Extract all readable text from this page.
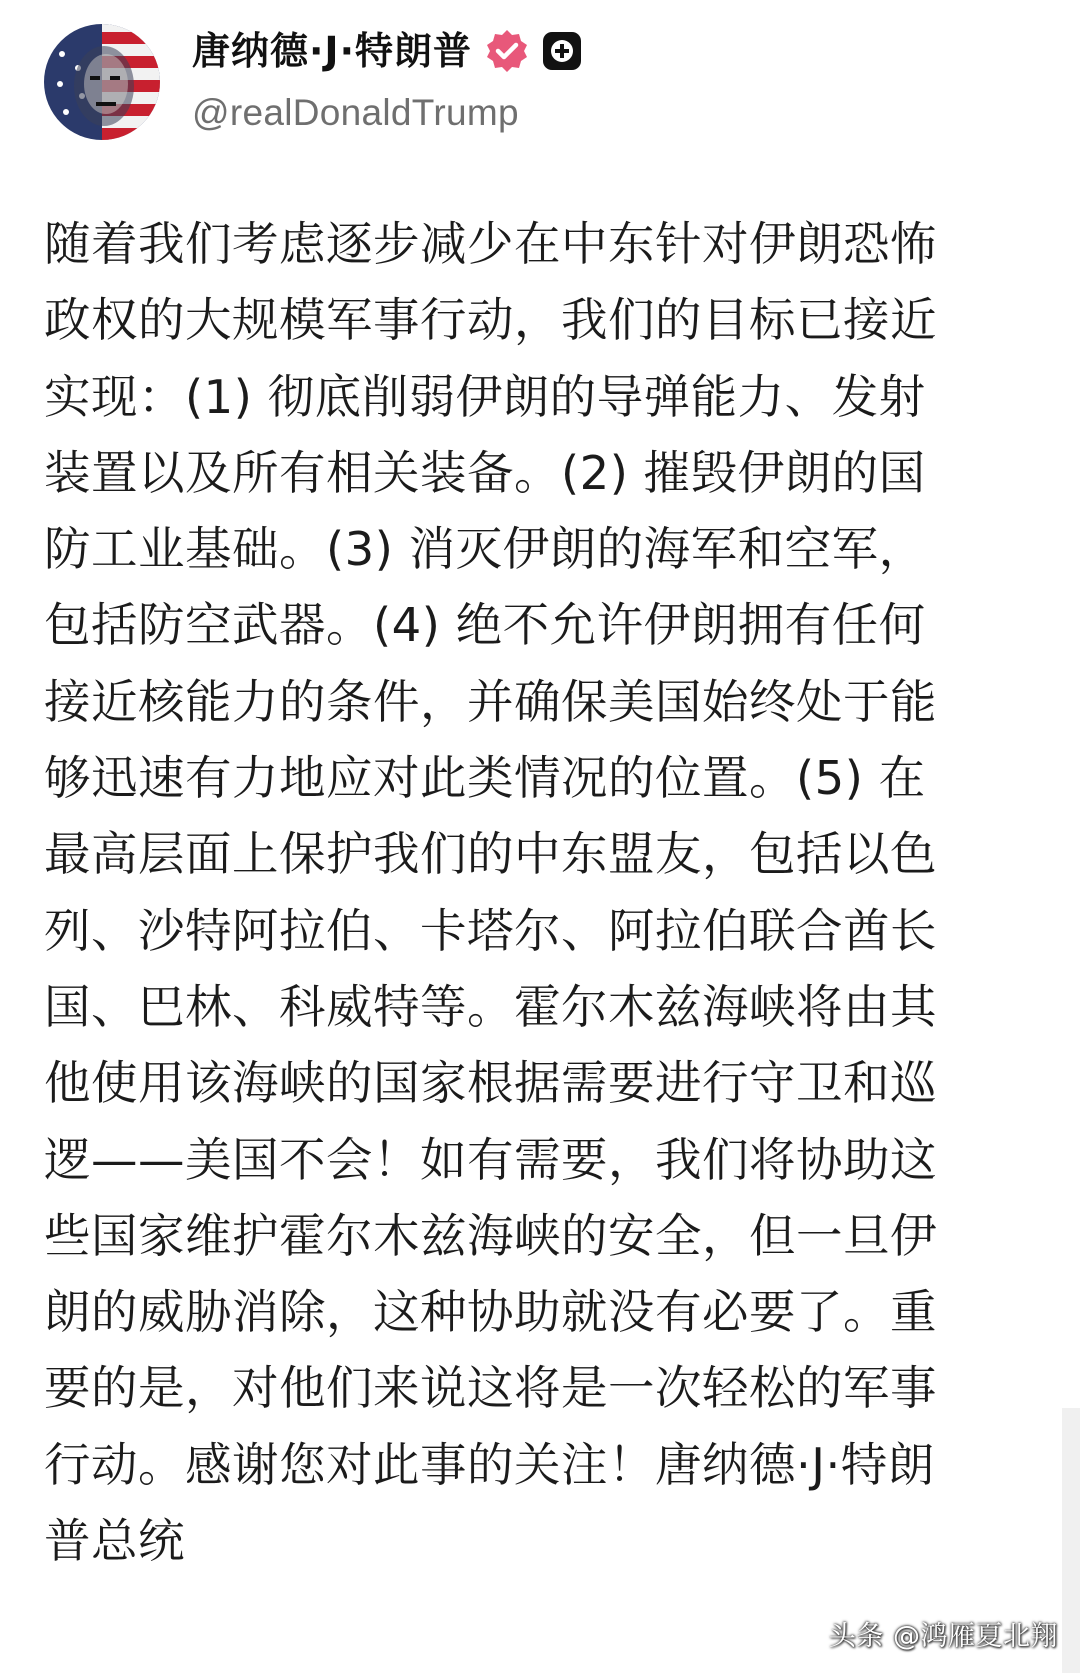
唐纳德·J·特朗普
@realDonaldTrump
随着我们考虑逐步减少在中东针对伊朗恐怖
政权的大规模军事行动，我们的目标已接近
实现：(1) 彻底削弱伊朗的导弹能力、发射
装置以及所有相关装备。(2) 摧毁伊朗的国
防工业基础。(3) 消灭伊朗的海军和空军，
包括防空武器。(4) 绝不允许伊朗拥有任何
接近核能力的条件，并确保美国始终处于能
够迅速有力地应对此类情况的位置。(5) 在
最高层面上保护我们的中东盟友，包括以色
列、沙特阿拉伯、卡塔尔、阿拉伯联合酋长
国、巴林、科威特等。霍尔木兹海峡将由其
他使用该海峡的国家根据需要进行守卫和巡
逻——美国不会！如有需要，我们将协助这
些国家维护霍尔木兹海峡的安全，但一旦伊
朗的威胁消除，这种协助就没有必要了。重
要的是，对他们来说这将是一次轻松的军事
行动。感谢您对此事的关注！唐纳德·J·特朗
普总统
头条 @鸿雁夏北翔
